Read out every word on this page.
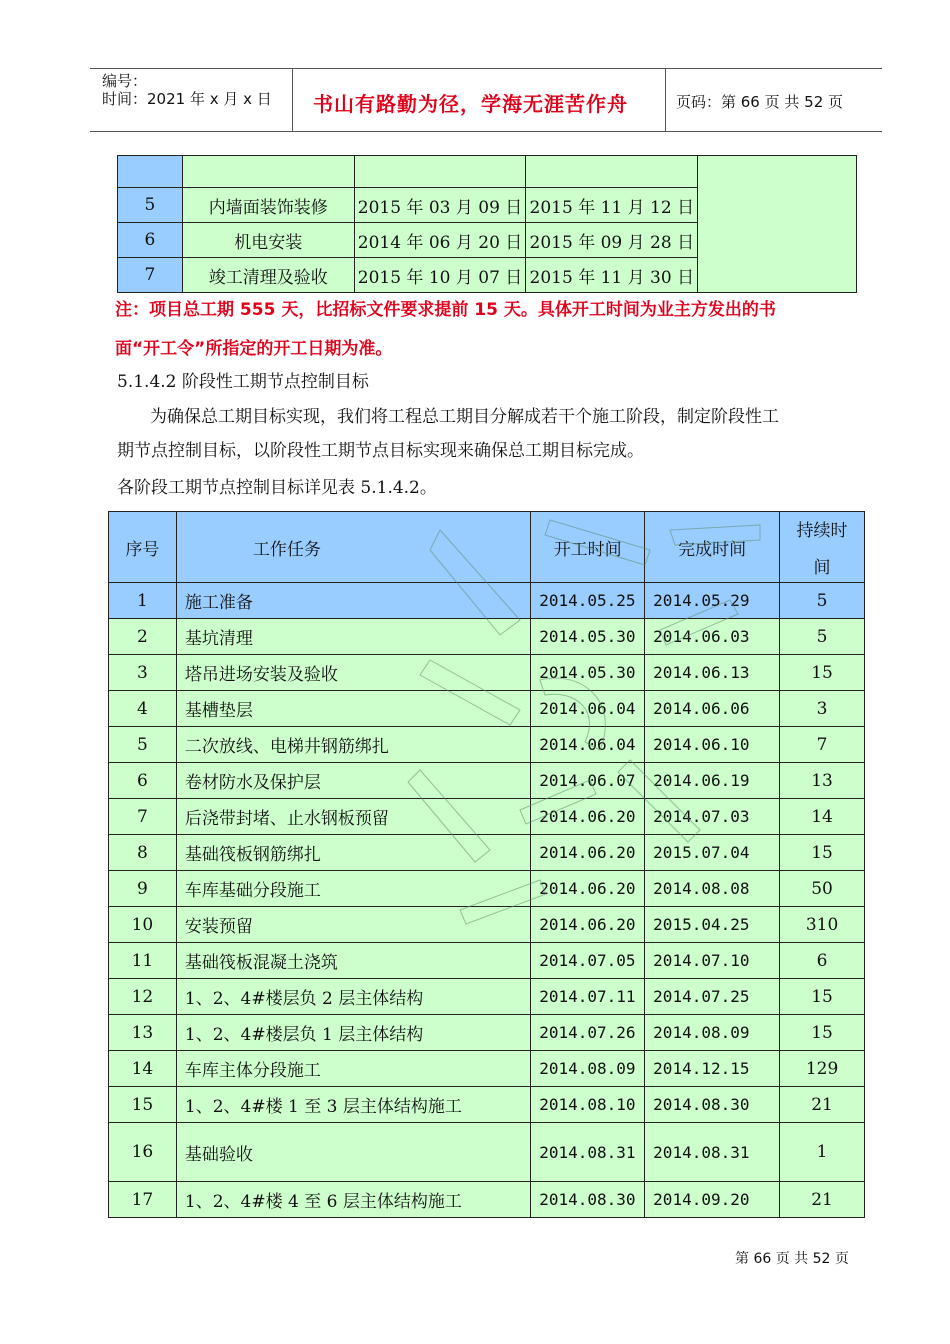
编号：
时间：2021 年 x 月 x 日 书山有路勤为径，学海无涯苦作舟	页码：第 66 页 共 52 页

5	内墙面装饰装修	2015 年 03 月 09 日	2015 年 11 月 12 日	
6	机电安装	2014 年 06 月 20 日	2015 年 09 月 28 日	
7	竣工清理及验收	2015 年 10 月 07 日	2015 年 11 月 30 日	
注：项目总工期 555 天，比招标文件要求提前 15 天。具体开工时间为业主方发出的书
面“开工令”所指定的开工日期为准。
5.1.4.2 阶段性工期节点控制目标
为确保总工期目标实现，我们将工程总工期目分解成若干个施工阶段，制定阶段性工
期节点控制目标，以阶段性工期节点目标实现来确保总工期目标完成。
各阶段工期节点控制目标详见表 5.1.4.2。
序号	工作任务	开工时间	完成时间	持续时
间

1	施工准备	2014.05.25	2014.05.29	5
2	基坑清理	2014.05.30	2014.06.03	5
3	塔吊进场安装及验收	2014.05.30	2014.06.13	15
4	基槽垫层	2014.06.04	2014.06.06	3
5	二次放线、电梯井钢筋绑扎	2014.06.04	2014.06.10	7
6	卷材防水及保护层	2014.06.07	2014.06.19	13
7	后浇带封堵、止水钢板预留	2014.06.20	2014.07.03	14
8	基础筏板钢筋绑扎	2014.06.20	2015.07.04	15
9	车库基础分段施工	2014.06.20	2014.08.08	50
10	安装预留	2014.06.20	2015.04.25	310
11	基础筏板混凝土浇筑	2014.07.05	2014.07.10	6
12	1、2、4#楼层负 2 层主体结构	2014.07.11	2014.07.25	15
13	1、2、4#楼层负 1 层主体结构	2014.07.26	2014.08.09	15
14	车库主体分段施工	2014.08.09	2014.12.15	129
15	1、2、4#楼 1 至 3 层主体结构施工	2014.08.10	2014.08.30	21
16	基础验收	2014.08.31	2014.08.31	1
17	1、2、4#楼 4 至 6 层主体结构施工	2014.08.30	2014.09.20	21
第 66 页 共 52 页
